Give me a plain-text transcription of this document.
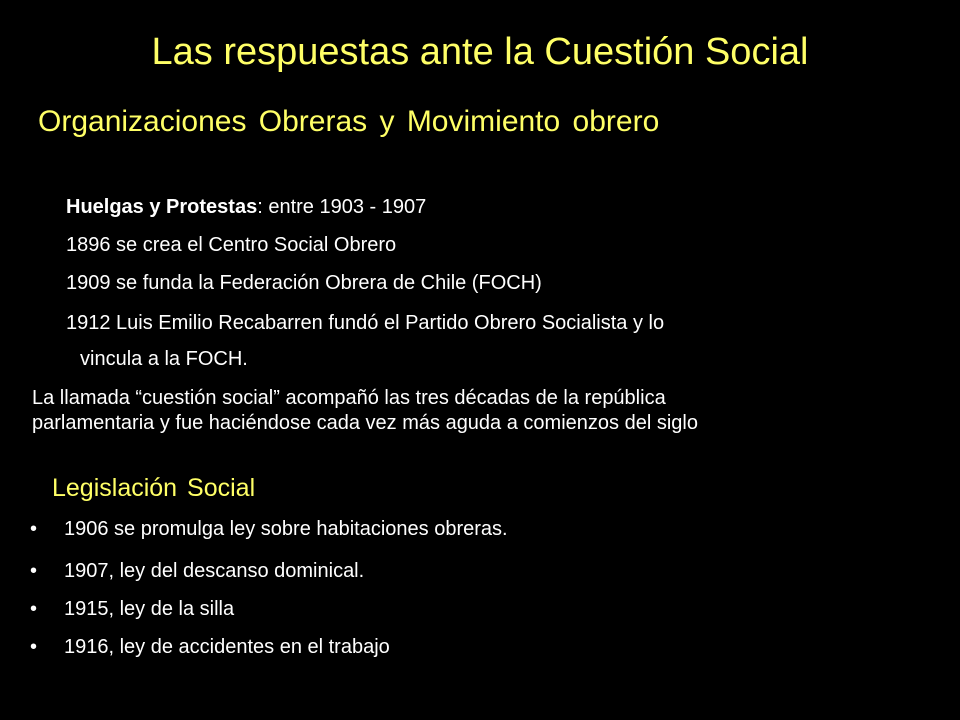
Las respuestas ante la Cuestión Social
Organizaciones Obreras y Movimiento obrero
Huelgas y Protestas: entre 1903 - 1907
1896 se crea el Centro Social Obrero
1909 se funda la Federación Obrera de Chile (FOCH)
1912 Luis Emilio Recabarren fundó el Partido Obrero Socialista y lo
vincula a la FOCH.
La llamada “cuestión social” acompañó las tres décadas de la república
parlamentaria y fue haciéndose cada vez más aguda a comienzos del siglo
Legislación Social
•	1906 se promulga ley sobre habitaciones obreras.
•	1907, ley del descanso dominical.
•	1915, ley de la silla
•	1916, ley de accidentes en el trabajo
